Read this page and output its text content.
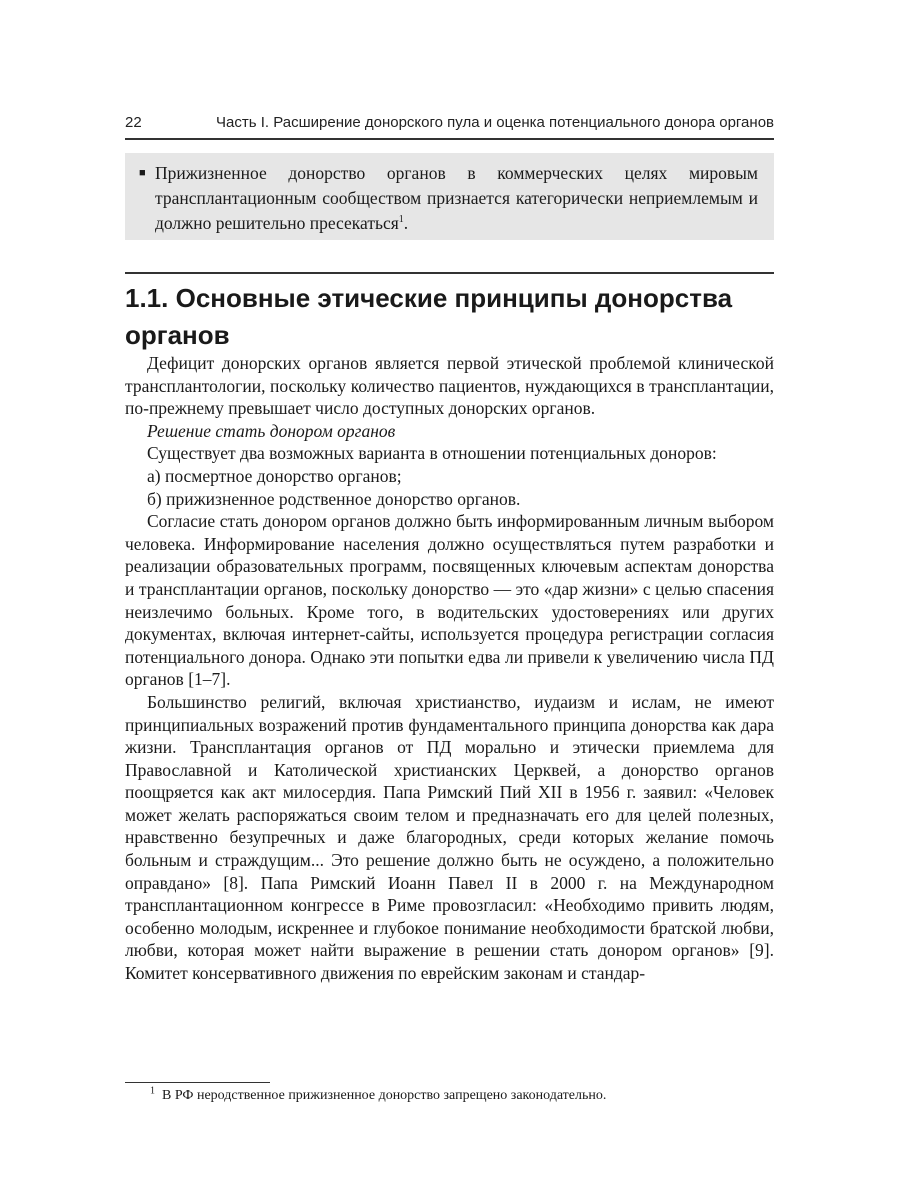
22	Часть I. Расширение донорского пула и оценка потенциального донора органов
■ Прижизненное донорство органов в коммерческих целях мировым трансплантационным сообществом признается категорически неприемлемым и должно решительно пресекаться$^1$.
1.1. Основные этические принципы донорства органов

Дефицит донорских органов является первой этической проблемой клинической трансплантологии, поскольку количество пациентов, нуждающихся в трансплантации, по-прежнему превышает число доступных донорских органов.

Решение стать донором органов

Существует два возможных варианта в отношении потенциальных доноров:

а) посмертное донорство органов;

б) прижизненное родственное донорство органов.

Согласие стать донором органов должно быть информированным личным выбором человека. Информирование населения должно осуществляться путем разработки и реализации образовательных программ, посвященных ключевым аспектам донорства и трансплантации органов, поскольку донорство — это «дар жизни» с целью спасения неизлечимо больных. Кроме того, в водительских удостоверениях или других документах, включая интернет-сайты, используется процедура регистрации согласия потенциального донора. Однако эти попытки едва ли привели к увеличению числа ПД органов [1–7].

Большинство религий, включая христианство, иудаизм и ислам, не имеют принципиальных возражений против фундаментального принципа донорства как дара жизни. Трансплантация органов от ПД морально и этически приемлема для Православной и Католической христианских Церквей, а донорство органов поощряется как акт милосердия. Папа Римский Пий XII в 1956 г. заявил: «Человек может желать распоряжаться своим телом и предназначать его для целей полезных, нравственно безупречных и даже благородных, среди которых желание помочь больным и страждущим... Это решение должно быть не осуждено, а положительно оправдано» [8]. Папа Римский Иоанн Павел II в 2000 г. на Международном трансплантационном конгрессе в Риме провозгласил: «Необходимо привить людям, особенно молодым, искреннее и глубокое понимание необходимости братской любви, любви, которая может найти выражение в решении стать донором органов» [9]. Комитет консервативного движения по еврейским законам и стандар-

$^1$ В РФ неродственное прижизненное донорство запрещено законодательно.
